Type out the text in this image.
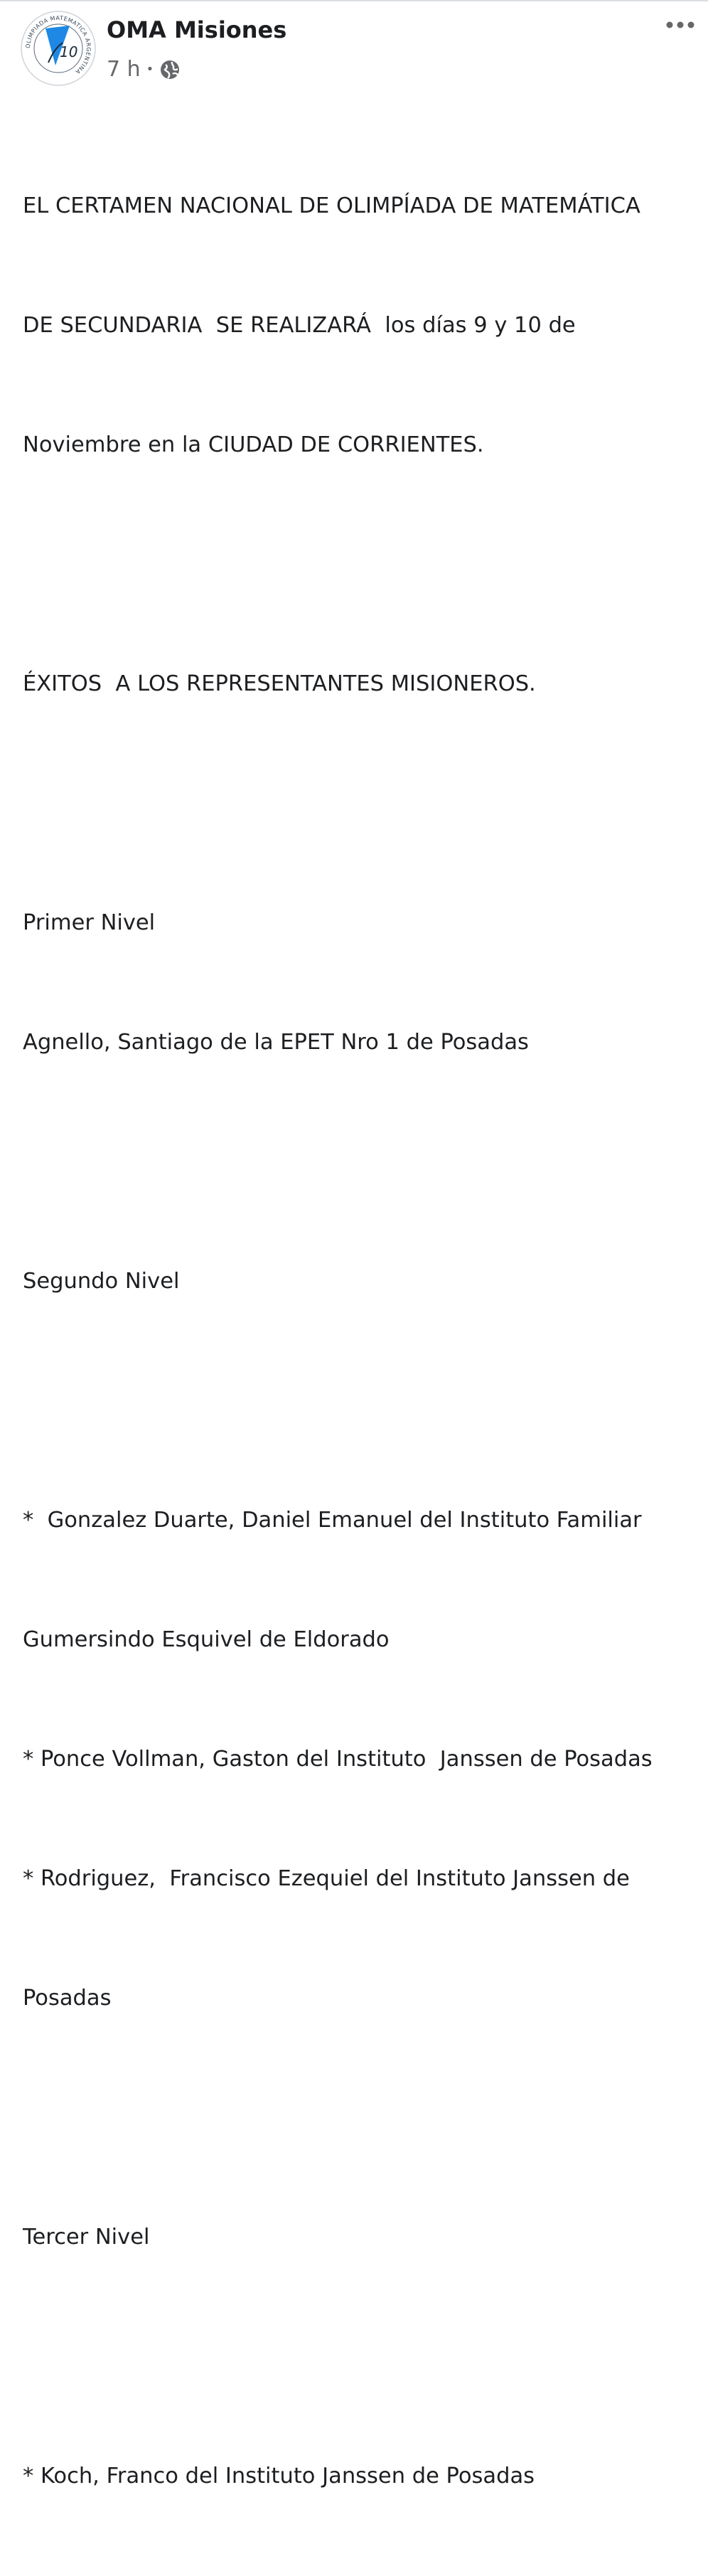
OLIMPIADA MATEMATICA ARGENTINA
10
OMA Misiones
7 h •

EL CERTAMEN NACIONAL DE OLIMPÍADA DE MATEMÁTICA

DE SECUNDARIA  SE REALIZARÁ  los días 9 y 10 de

Noviembre en la CIUDAD DE CORRIENTES.

ÉXITOS  A LOS REPRESENTANTES MISIONEROS.

Primer Nivel

Agnello, Santiago de la EPET Nro 1 de Posadas

Segundo Nivel

*  Gonzalez Duarte, Daniel Emanuel del Instituto Familiar

Gumersindo Esquivel de Eldorado

* Ponce Vollman, Gaston del Instituto  Janssen de Posadas

* Rodriguez,  Francisco Ezequiel del Instituto Janssen de

Posadas

Tercer Nivel

* Koch, Franco del Instituto Janssen de Posadas
